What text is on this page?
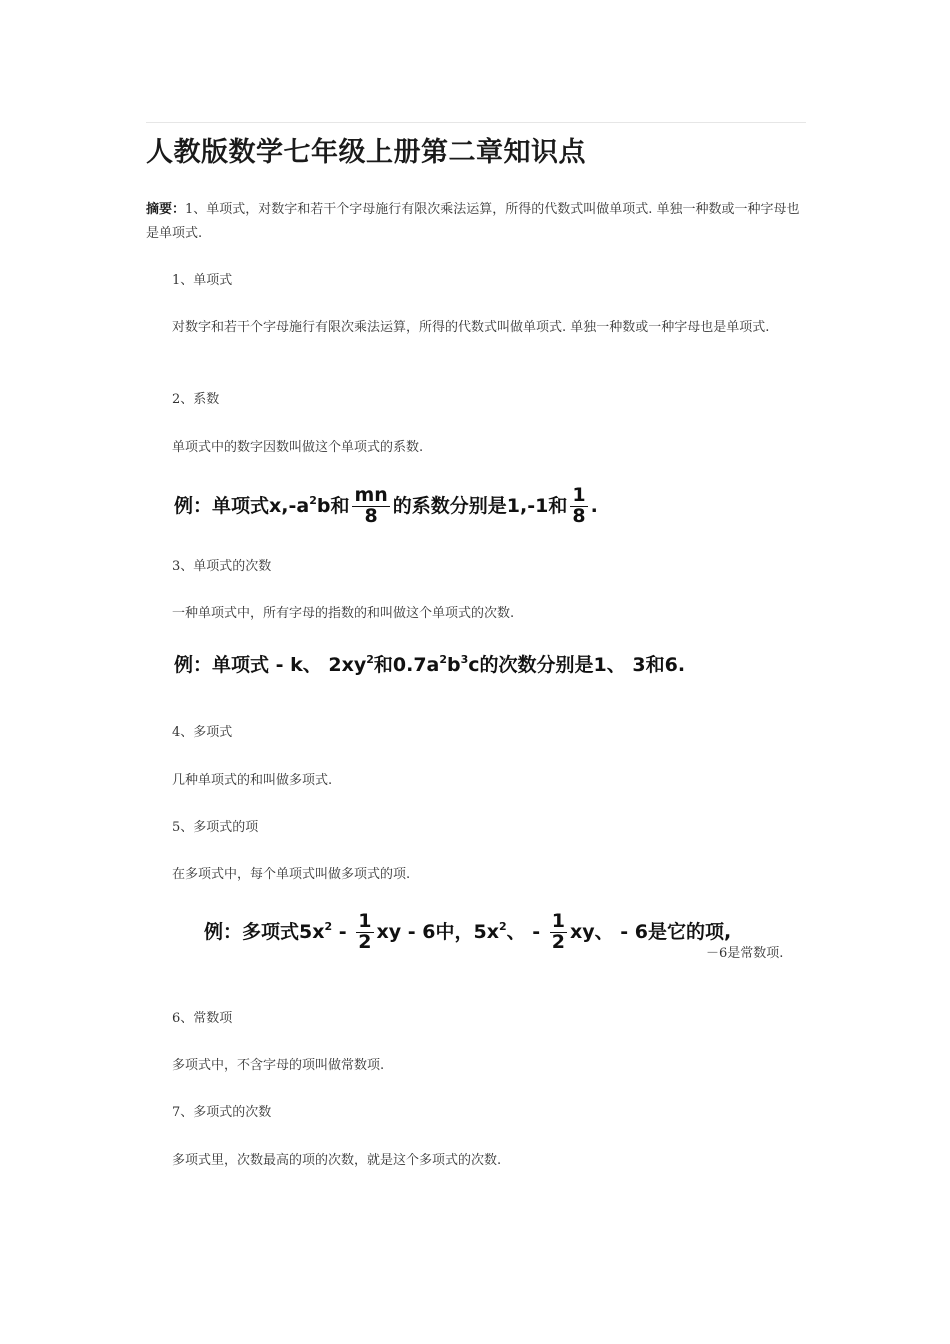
人教版数学七年级上册第二章知识点
摘要：1、单项式，对数字和若干个字母施行有限次乘法运算，所得的代数式叫做单项式. 单独一种数或一种字母也是单项式.
1、单项式
对数字和若干个字母施行有限次乘法运算，所得的代数式叫做单项式. 单独一种数或一种字母也是单项式.
2、系数
单项式中的数字因数叫做这个单项式的系数.
例：单项式$x,-a^2b$和 $\frac{mn}{8}$ 的系数分别是1,-1和 $\frac{1}{8}$ .
3、单项式的次数
一种单项式中，所有字母的指数的和叫做这个单项式的次数.
例：单项式 - k、 $2xy^2$和$0.7a^2b^3c$的次数分别是1、 3和6.
4、多项式
几种单项式的和叫做多项式.
5、多项式的项
在多项式中，每个单项式叫做多项式的项.
例：多项式$5x^2 - \frac{1}{2}$ xy - 6中，$5x^2$、 - $\frac{1}{2}$ xy、 - 6是它的项,
－6是常数项.
6、常数项
多项式中，不含字母的项叫做常数项.
7、多项式的次数
多项式里，次数最高的项的次数，就是这个多项式的次数.
